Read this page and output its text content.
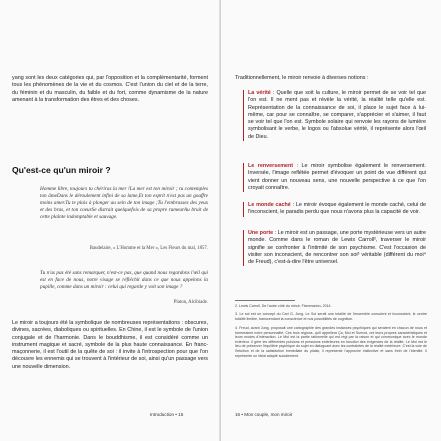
yang sont les deux catégories qui, par l'opposition et la complémentarité, forment tous les phénomènes de la vie et du cosmos. C'est l'union du ciel et de la terre, du féminin et du masculin, du faible et du fort, comme dynamisme de la nature amenant à la transformation des êtres et des choses.

Qu'est-ce qu'un miroir ?

Homme libre, toujours tu chériras la mer !La mer est ton miroir ; tu contemples ton âmeDans le déroulement infini de sa lame,Et ton esprit n'est pas un gouffre moins amer.Tu te plais à plonger au sein de ton image ;Tu l'embrasses des yeux et des bras, et ton coeurSe distrait quelquefois de sa propre rumeurAu bruit de cette plainte indomptable et sauvage.

Baudelaire, « L'Homme et la Mer », Les Fleurs du mal, 1857.

Tu n'as pas été sans remarquer, n'est-ce pas, que quand nous regardons l'œil qui est en face de nous, notre visage se réfléchit dans ce que nous appelons la pupille, comme dans un miroir : celui qui regarde y voit son image ?

Platon, Alcibiade.

Le miroir a toujours été la symbolique de nombreuses représentations : obscures, divines, sacrées, diaboliques ou spirituelles. En Chine, il est le symbole de l'union conjugale et de l'harmonie. Dans le bouddhisme, il est considéré comme un instrument magique et sacré, symbole de la plus haute connaissance. En franc-maçonnerie, il est l'outil de la quête de soi : il invite à l'introspection pour que l'on découvre les ennemis qui se trouvent à l'intérieur de soi, ainsi qu'un passage vers une nouvelle dimension.

Introduction • 15

Traditionnellement, le miroir renvoie à diverses notions :

La vérité : Quelle que soit la culture, le miroir permet de se voir tel que l'on est. Il ne ment pas et révèle la vérité, la réalité telle qu'elle est. Représentation de la connaissance de soi, il place le sujet face à lui-même, car pour se connaître, se comparer, s'apprécier et s'aimer, il faut se voir tel que l'on est. Symbole solaire qui renvoie les rayons de lumière symbolisant le verbe, le logos ou l'absolue vérité, il représente alors l'œil de Dieu.

Le renversement : Le miroir symbolise également le renversement. Inversée, l'image reflétée permet d'évoquer un point de vue différent qui vient donner un nouveau sens, une nouvelle perspective à ce que l'on croyait connaître.

Le monde caché : Le miroir évoque également le monde caché, celui de l'inconscient, le paradis perdu que nous n'avons plus la capacité de voir.

Une porte : Le miroir est un passage, une porte mystérieuse vers un autre monde. Comme dans le roman de Lewis Carroll², traverser le miroir signifie se confronter à l'intimité de son psychisme. C'est l'occasion de visiter son inconscient, de rencontrer son soi³ véritable (différent du moi⁴ de Freud), c'est-à-dire l'être universel.

2. Lewis Carroll, De l'autre côté du miroir, Flammarion, 2014.

3. Le soi est un concept du Carl G. Jung. Le Soi serait une totalité de l'ensemble conscient et inconscient, le centre totalité limitée, transcendant la conscience et nos possibilités de cognition.

4. Freud, avant Jung, proposait une cartographie des grandes instances psychiques qui seraient en chacun de nous et formeraient notre personnalité. Ces trois régions, qu'il appellera Ça, Moi et Surmoi, ont leurs propres caractéristiques et leurs modes d'interaction. Le Moi est la partie rationnelle qui est régi par la raison et qui communique avec le monde extérieur. Il gère les différentes pulsions et pressions extérieures en fonction des exigences de la réalité. Le Moi est le lieu de préserver l'équilibre psychique du sujet en dialoguant avec les contraintes de la réalité extérieure. C'est la voie de l'intuition et de la satisfaction immédiate du plaisir, il représente l'approche instinctive et sans frein de l'identité. Il représente un idéal adapté socialement.

16 • Mon couple, mon miroir
